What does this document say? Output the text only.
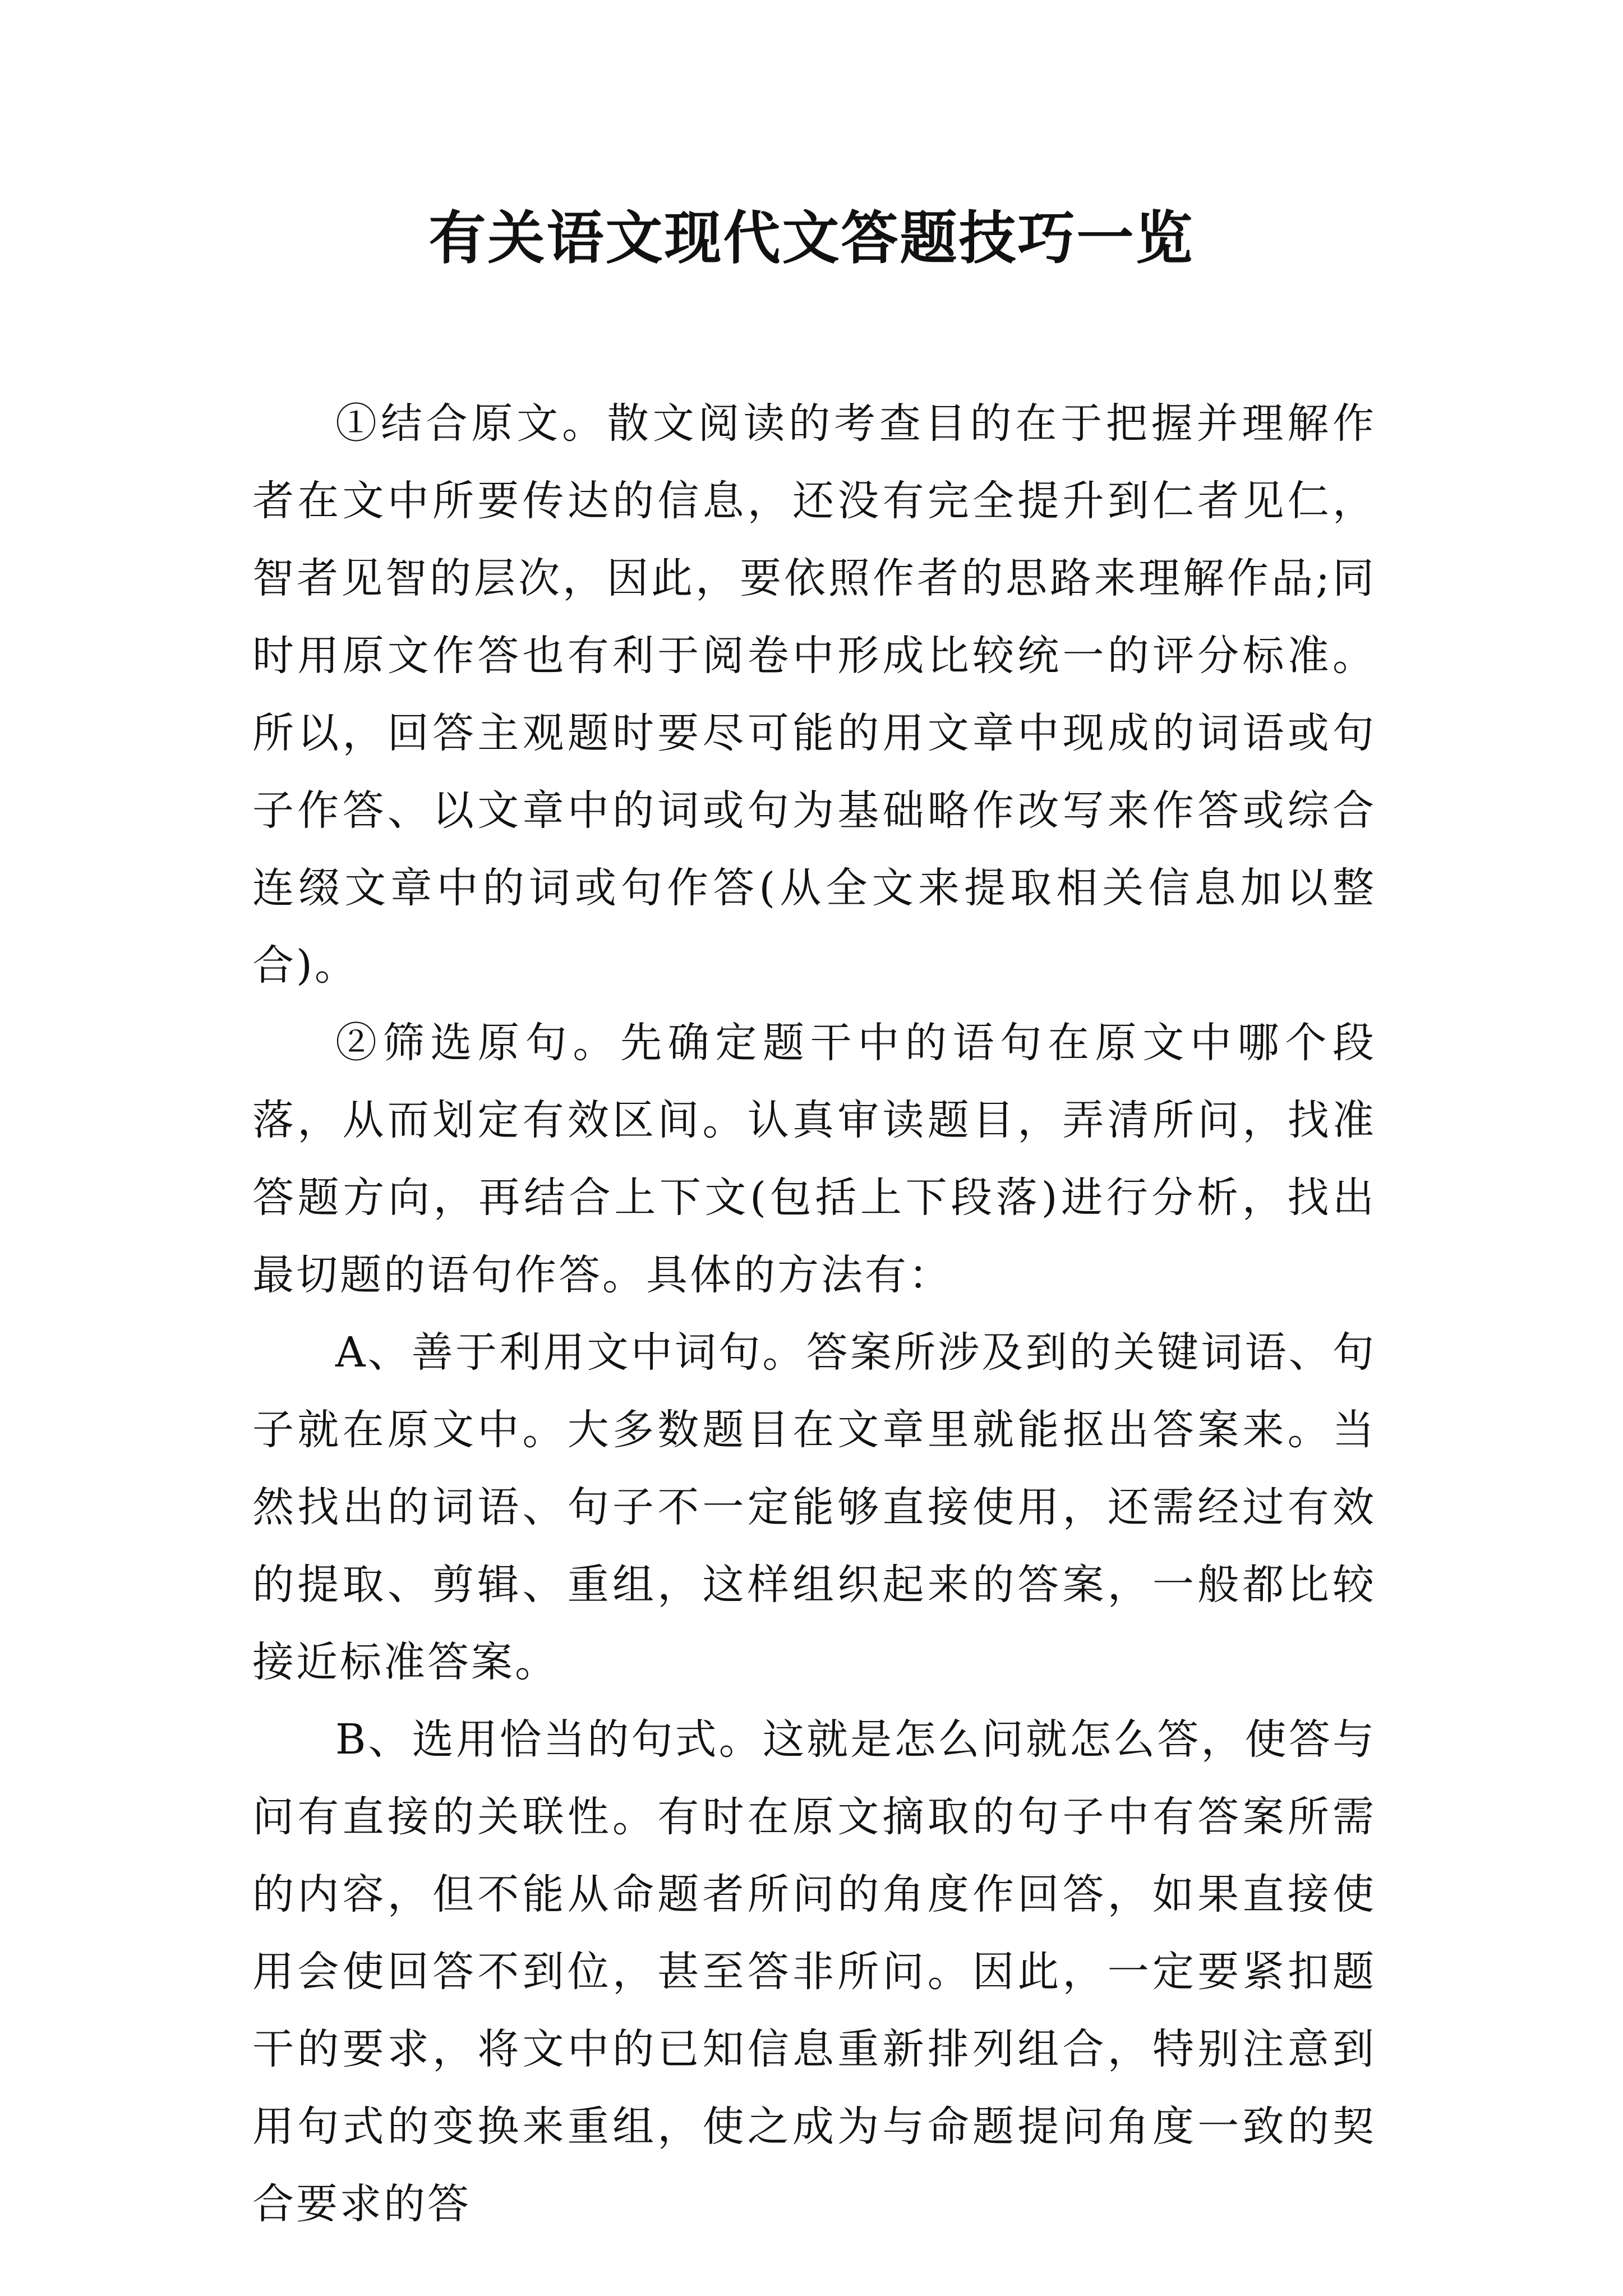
有关语文现代文答题技巧一览

①结合原文。散文阅读的考查目的在于把握并理解作者在文中所要传达的信息，还没有完全提升到仁者见仁，智者见智的层次，因此，要依照作者的思路来理解作品;同时用原文作答也有利于阅卷中形成比较统一的评分标准。所以，回答主观题时要尽可能的用文章中现成的词语或句子作答、以文章中的词或句为基础略作改写来作答或综合连缀文章中的词或句作答(从全文来提取相关信息加以整合)。

②筛选原句。先确定题干中的语句在原文中哪个段落，从而划定有效区间。认真审读题目，弄清所问，找准答题方向，再结合上下文(包括上下段落)进行分析，找出最切题的语句作答。具体的方法有：

A、善于利用文中词句。答案所涉及到的关键词语、句子就在原文中。大多数题目在文章里就能抠出答案来。当然找出的词语、句子不一定能够直接使用，还需经过有效的提取、剪辑、重组，这样组织起来的答案，一般都比较接近标准答案。

B、选用恰当的句式。这就是怎么问就怎么答，使答与问有直接的关联性。有时在原文摘取的句子中有答案所需的内容，但不能从命题者所问的角度作回答，如果直接使用会使回答不到位，甚至答非所问。因此，一定要紧扣题干的要求，将文中的已知信息重新排列组合，特别注意到用句式的变换来重组，使之成为与命题提问角度一致的契合要求的答
